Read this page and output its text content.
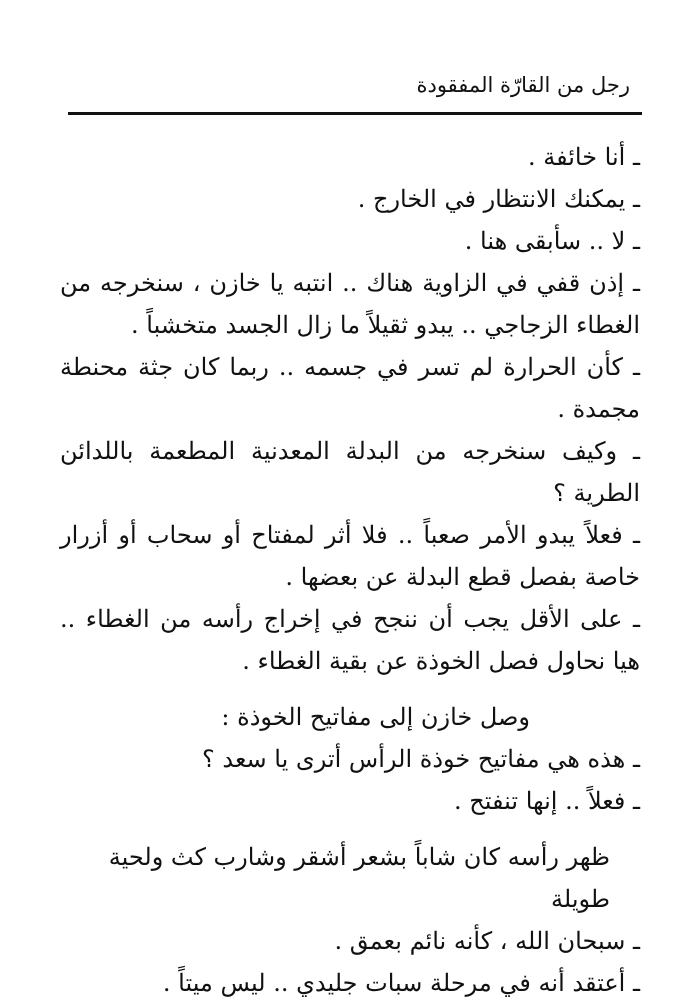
رجل من القارّة المفقودة

ـ أنا خائفة .

ـ يمكنك الانتظار في الخارج .

ـ لا .. سأبقى هنا .

ـ إذن قفي في الزاوية هناك .. انتبه يا خازن ، سنخرجه من الغطاء الزجاجي .. يبدو ثقيلاً ما زال الجسد متخشباً .

ـ كأن الحرارة لم تسر في جسمه .. ربما كان جثة محنطة مجمدة .

ـ وكيف سنخرجه من البدلة المعدنية المطعمة باللدائن الطرية ؟

ـ فعلاً يبدو الأمر صعباً .. فلا أثر لمفتاح أو سحاب أو أزرار خاصة بفصل قطع البدلة عن بعضها .

ـ على الأقل يجب أن ننجح في إخراج رأسه من الغطاء .. هيا نحاول فصل الخوذة عن بقية الغطاء .

وصل خازن إلى مفاتيح الخوذة :

ـ هذه هي مفاتيح خوذة الرأس أترى يا سعد ؟

ـ فعلاً .. إنها تنفتح .

ظهر رأسه كان شاباً بشعر أشقر وشارب كث ولحية طويلة

ـ سبحان الله ، كأنه نائم بعمق .

ـ أعتقد أنه في مرحلة سبات جليدي .. ليس ميتاً .
